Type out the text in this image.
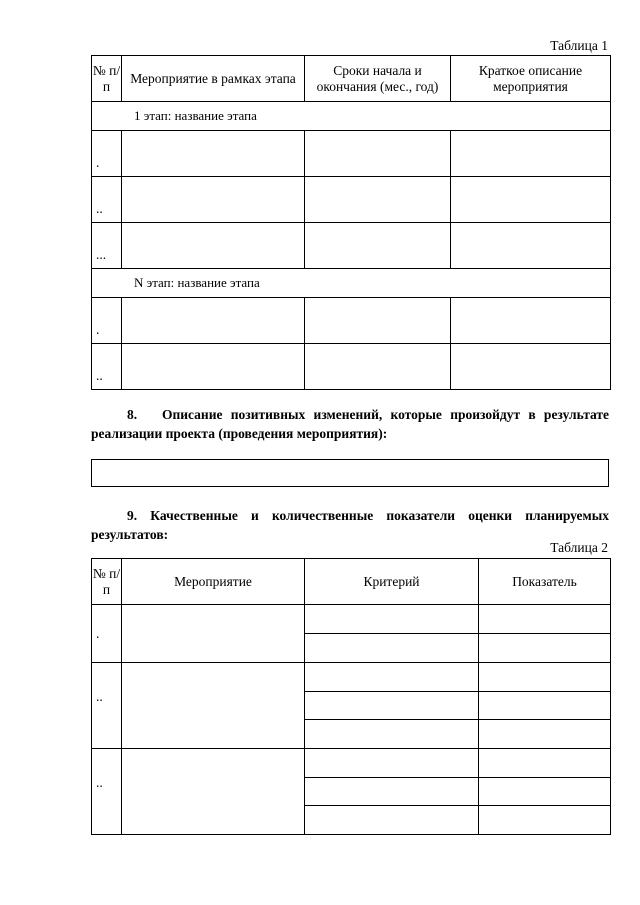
Таблица 1
№ п/п	Мероприятие в рамках этапа	Сроки начала и окончания (мес., год)	Краткое описание мероприятия
1 этап: название этапа			
.			
..			
...			
N этап: название этапа			
.			
..			
8. Описание позитивных изменений, которые произойдут в результате реализации проекта (проведения мероприятия):
9. Качественные и количественные показатели оценки планируемых результатов:
Таблица 2
№ п/п	Мероприятие	Критерий	Показатель
.			

..			

..			
